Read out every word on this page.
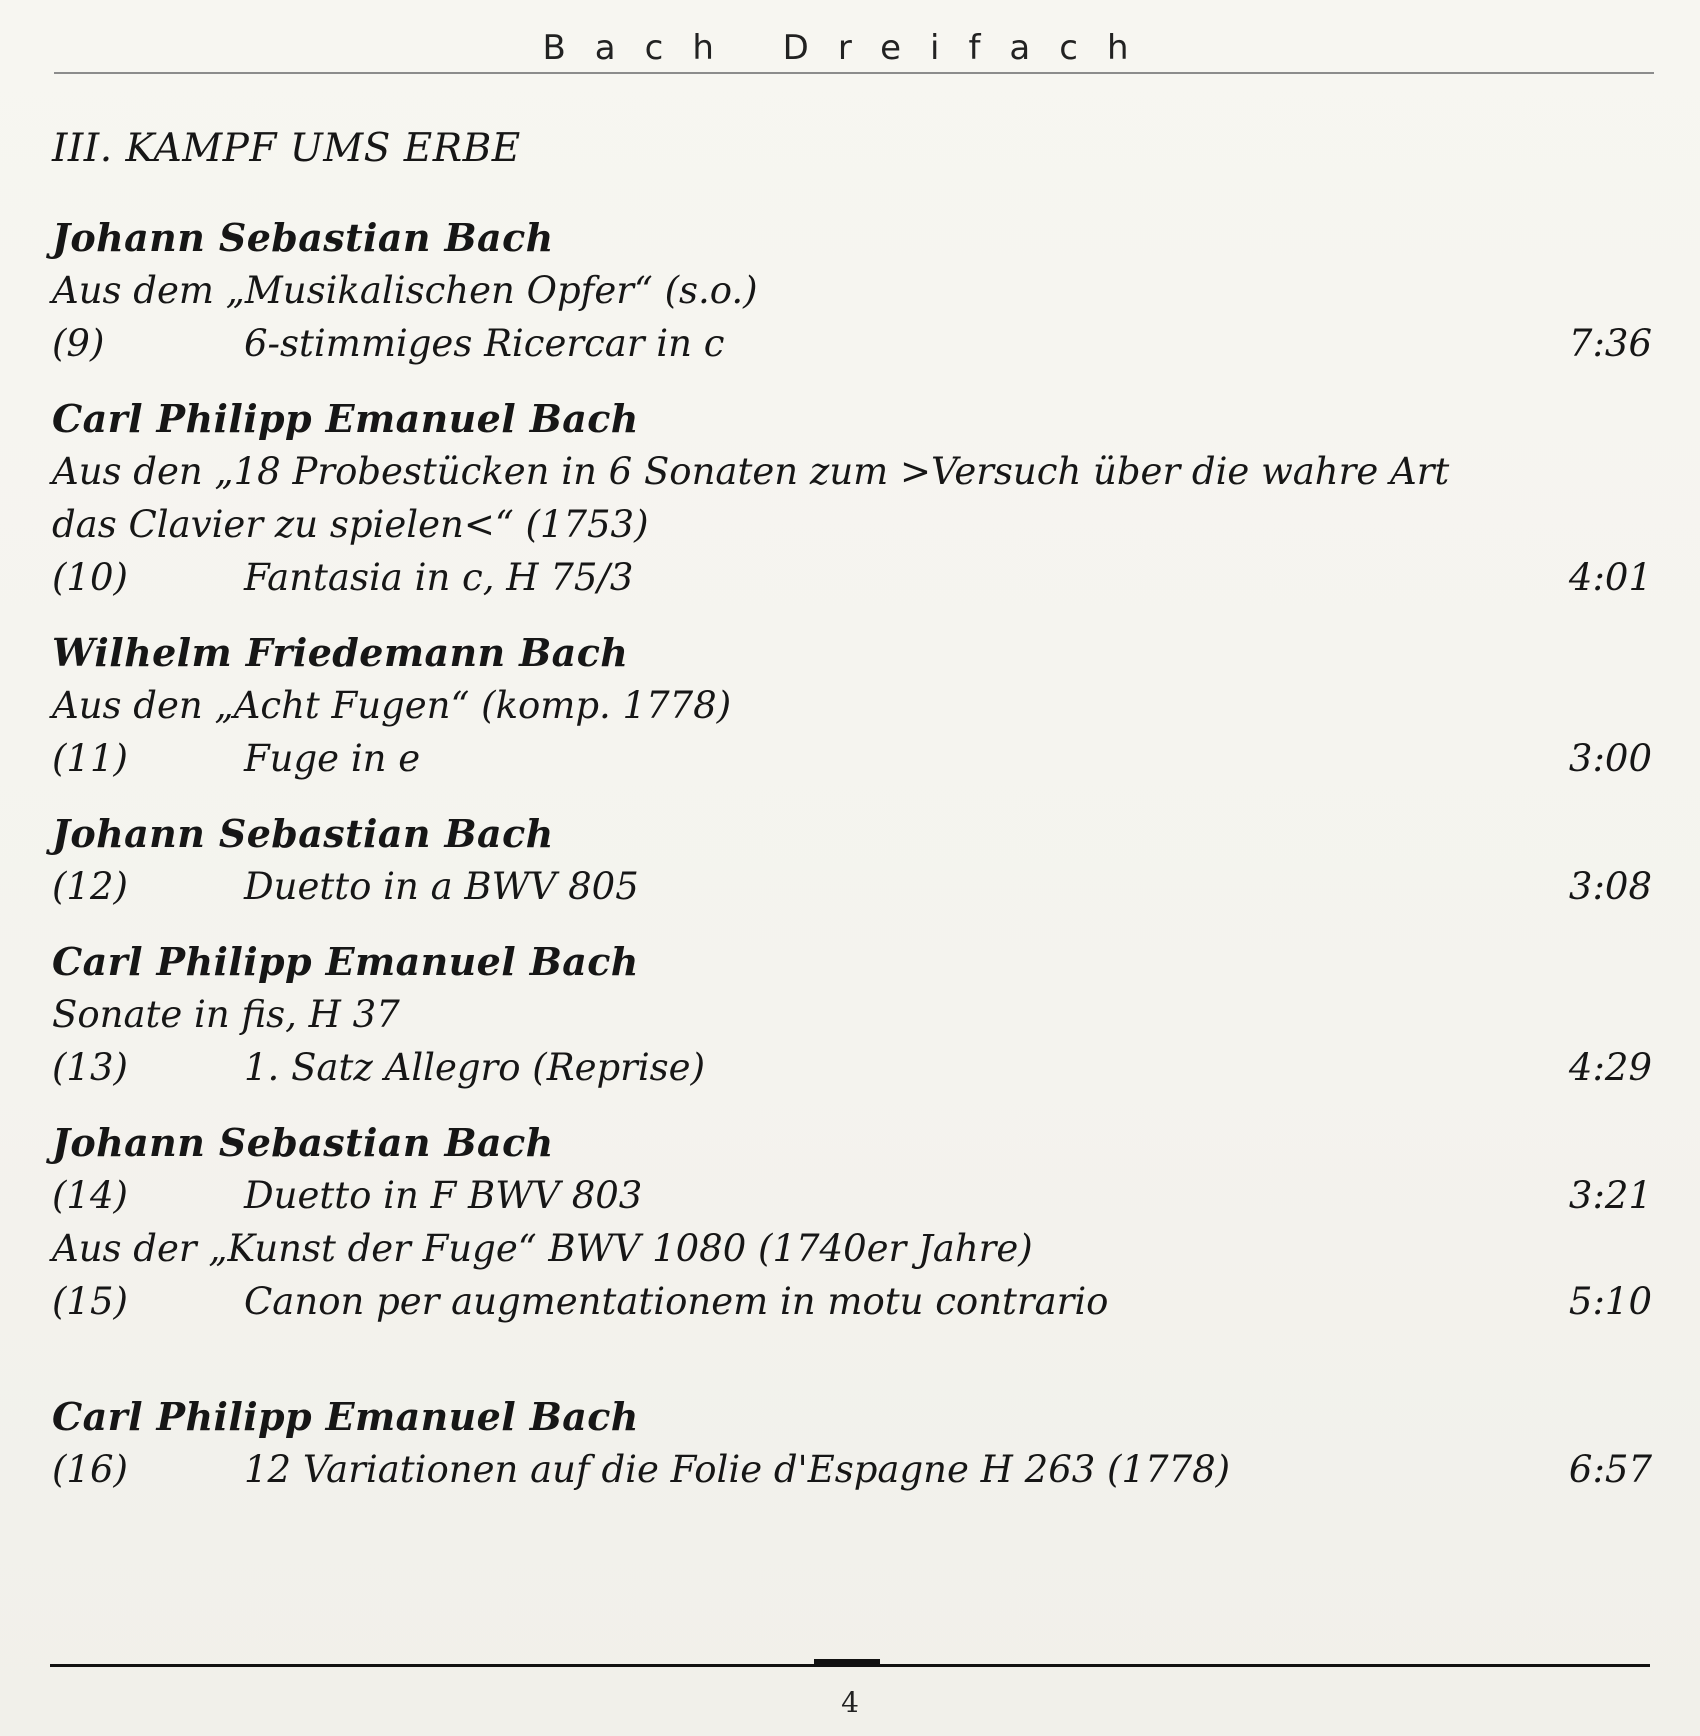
Bach Dreifach
III. KAMPF UMS ERBE
Johann Sebastian Bach
Aus dem „Musikalischen Opfer“ (s.o.)
(9)	6-stimmiges Ricercar in c	7:36
Carl Philipp Emanuel Bach
Aus den „18 Probestücken in 6 Sonaten zum >Versuch über die wahre Art das Clavier zu spielen<“ (1753)
(10)	Fantasia in c, H 75/3	4:01
Wilhelm Friedemann Bach
Aus den „Acht Fugen“ (komp. 1778)
(11)	Fuge in e	3:00
Johann Sebastian Bach
(12)	Duetto in a BWV 805	3:08
Carl Philipp Emanuel Bach
Sonate in fis, H 37
(13)	1. Satz Allegro (Reprise)	4:29
Johann Sebastian Bach
(14)	Duetto in F BWV 803	3:21
Aus der „Kunst der Fuge“ BWV 1080 (1740er Jahre)
(15)	Canon per augmentationem in motu contrario	5:10
Carl Philipp Emanuel Bach
(16)	12 Variationen auf die Folie d'Espagne H 263 (1778)	6:57
4
